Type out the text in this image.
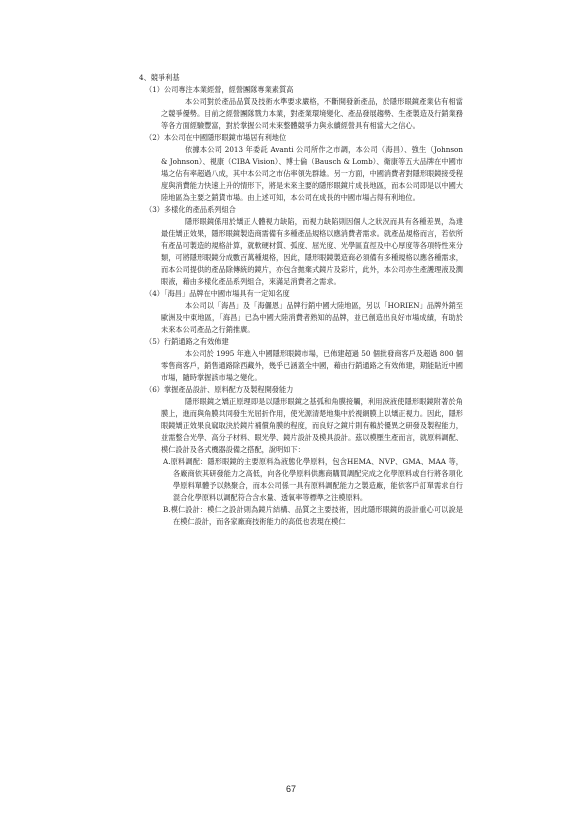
4、競爭利基

（1）公司專注本業經營，經營團隊專業素質高

本公司對於產品品質及技術水準要求嚴格，不斷開發新產品，於隱形眼鏡產業佔有相當之競爭優勢。目前之經營團隊戮力本業，對產業環境變化、產品發展趨勢、生產製造及行銷業務等各方面經驗豐富，對於掌握公司未來整體競爭力與永續經營具有相當大之信心。

（2）本公司在中國隱形眼鏡市場居有利地位

依據本公司 2013 年委託 Avanti 公司所作之市調，本公司（海昌）、強生（Johnson & Johnson）、視康（CIBA Vision）、博士倫（Bausch & Lomb）、衛康等五大品牌在中國市場之佔有率超過八成，其中本公司之市佔率領先群雄。另一方面，中國消費者對隱形眼鏡接受程度與消費能力快速上升的情形下，將是未來主要的隱形眼鏡片成長地區，而本公司即是以中國大陸地區為主要之銷貨市場。由上述可知，本公司在成長的中國市場占得有利地位。

（3）多樣化的產品系列組合

隱形眼鏡係用於矯正人體視力缺陷，而視力缺陷則因個人之狀況而具有各種差異，為達最佳矯正效果，隱形眼鏡製造商需備有多種產品規格以應消費者需求。就產品規格而言，若依所有產品可製造的規格計算，就軟硬材質、弧度、屈光度、光學區直徑及中心厚度等各項特性來分類，可將隱形眼鏡分成數百萬種規格，因此，隱形眼鏡製造商必須備有多種規格以應各種需求，而本公司提供的產品除傳統的鏡片，亦包含拋棄式鏡片及彩片，此外，本公司亦生產護理液及潤眼液，藉由多樣化產品系列組合，來滿足消費者之需求。

（4）「海昌」品牌在中國市場具有一定知名度

本公司以「海昌」及「海儷恩」品牌行銷中國大陸地區，另以「HORIEN」品牌外銷至歐洲及中東地區，「海昌」已為中國大陸消費者熟知的品牌，並已創造出良好市場成績，有助於未來本公司產品之行銷推廣。

（5）行銷通路之有效佈建

本公司於 1995 年進入中國隱形眼鏡市場，已佈建超過 50 個批發商客戶及超過 800 個零售商客戶，銷售通路除西藏外，幾乎已涵蓋全中國，藉由行銷通路之有效佈建，期能貼近中國市場，隨時掌握該市場之變化。

（6）掌握產品設計、原料配方及製程開發能力

隱形眼鏡之矯正原理即是以隱形眼鏡之基弧和角膜接觸，利用淚液使隱形眼鏡附著於角膜上，進而與角膜共同發生光屈折作用，使光源清楚地集中於視網膜上以矯正視力。因此，隱形眼鏡矯正效果良窳取決於鏡片補償角膜的程度，而良好之鏡片則有賴於優異之研發及製程能力，並需整合光學、高分子材料、眼光學、鏡片設計及模具設計。茲以模壓生產而言，就原料調配、模仁設計及各式機器設備之搭配，說明如下：

A.原料調配：隱形眼鏡的主要原料為液態化學原料，包含HEMA、NVP、GMA、MAA 等，各廠商依其研發能力之高低，向各化學原料供應商購買調配完成之化學原料或自行將各項化學原料單體予以熱聚合，而本公司係一具有原料調配能力之製造廠，能依客戶訂單需求自行混合化學原料以調配符合含水量、透氧率等標準之注模原料。

B.模仁設計：模仁之設計則為鏡片結構、品質之主要技術，因此隱形眼鏡的設計重心可以說是在模仁設計，而各家廠商技術能力的高低也表現在模仁

67
